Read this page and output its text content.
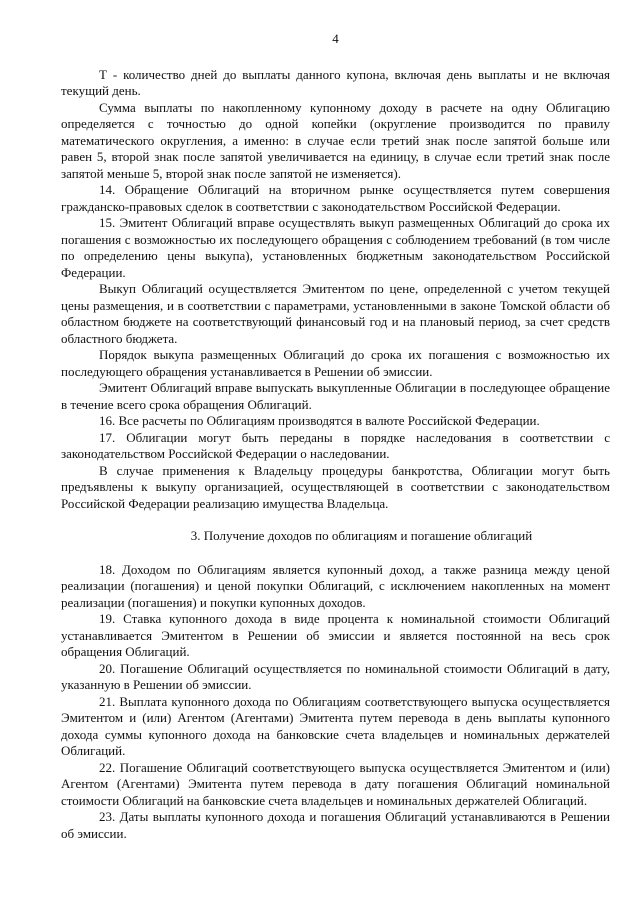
4

Т - количество дней до выплаты данного купона, включая день выплаты и не включая текущий день.

Сумма выплаты по накопленному купонному доходу в расчете на одну Облигацию определяется с точностью до одной копейки (округление производится по правилу математического округления, а именно: в случае если третий знак после запятой больше или равен 5, второй знак после запятой увеличивается на единицу, в случае если третий знак после запятой меньше 5, второй знак после запятой не изменяется).

14. Обращение Облигаций на вторичном рынке осуществляется путем совершения гражданско-правовых сделок в соответствии с законодательством Российской Федерации.

15. Эмитент Облигаций вправе осуществлять выкуп размещенных Облигаций до срока их погашения с возможностью их последующего обращения с соблюдением требований (в том числе по определению цены выкупа), установленных бюджетным законодательством Российской Федерации.

Выкуп Облигаций осуществляется Эмитентом по цене, определенной с учетом текущей цены размещения, и в соответствии с параметрами, установленными в законе Томской области об областном бюджете на соответствующий финансовый год и на плановый период, за счет средств областного бюджета.

Порядок выкупа размещенных Облигаций до срока их погашения с возможностью их последующего обращения устанавливается в Решении об эмиссии.

Эмитент Облигаций вправе выпускать выкупленные Облигации в последующее обращение в течение всего срока обращения Облигаций.

16. Все расчеты по Облигациям производятся в валюте Российской Федерации.

17. Облигации могут быть переданы в порядке наследования в соответствии с законодательством Российской Федерации о наследовании.

В случае применения к Владельцу процедуры банкротства, Облигации могут быть предъявлены к выкупу организацией, осуществляющей в соответствии с законодательством Российской Федерации реализацию имущества Владельца.

3. Получение доходов по облигациям и погашение облигаций

18. Доходом по Облигациям является купонный доход, а также разница между ценой реализации (погашения) и ценой покупки Облигаций, с исключением накопленных на момент реализации (погашения) и покупки купонных доходов.

19. Ставка купонного дохода в виде процента к номинальной стоимости Облигаций устанавливается Эмитентом в Решении об эмиссии и является постоянной на весь срок обращения Облигаций.

20. Погашение Облигаций осуществляется по номинальной стоимости Облигаций в дату, указанную в Решении об эмиссии.

21. Выплата купонного дохода по Облигациям соответствующего выпуска осуществляется Эмитентом и (или) Агентом (Агентами) Эмитента путем перевода в день выплаты купонного дохода суммы купонного дохода на банковские счета владельцев и номинальных держателей Облигаций.

22. Погашение Облигаций соответствующего выпуска осуществляется Эмитентом и (или) Агентом (Агентами) Эмитента путем перевода в дату погашения Облигаций номинальной стоимости Облигаций на банковские счета владельцев и номинальных держателей Облигаций.

23. Даты выплаты купонного дохода и погашения Облигаций устанавливаются в Решении об эмиссии.
